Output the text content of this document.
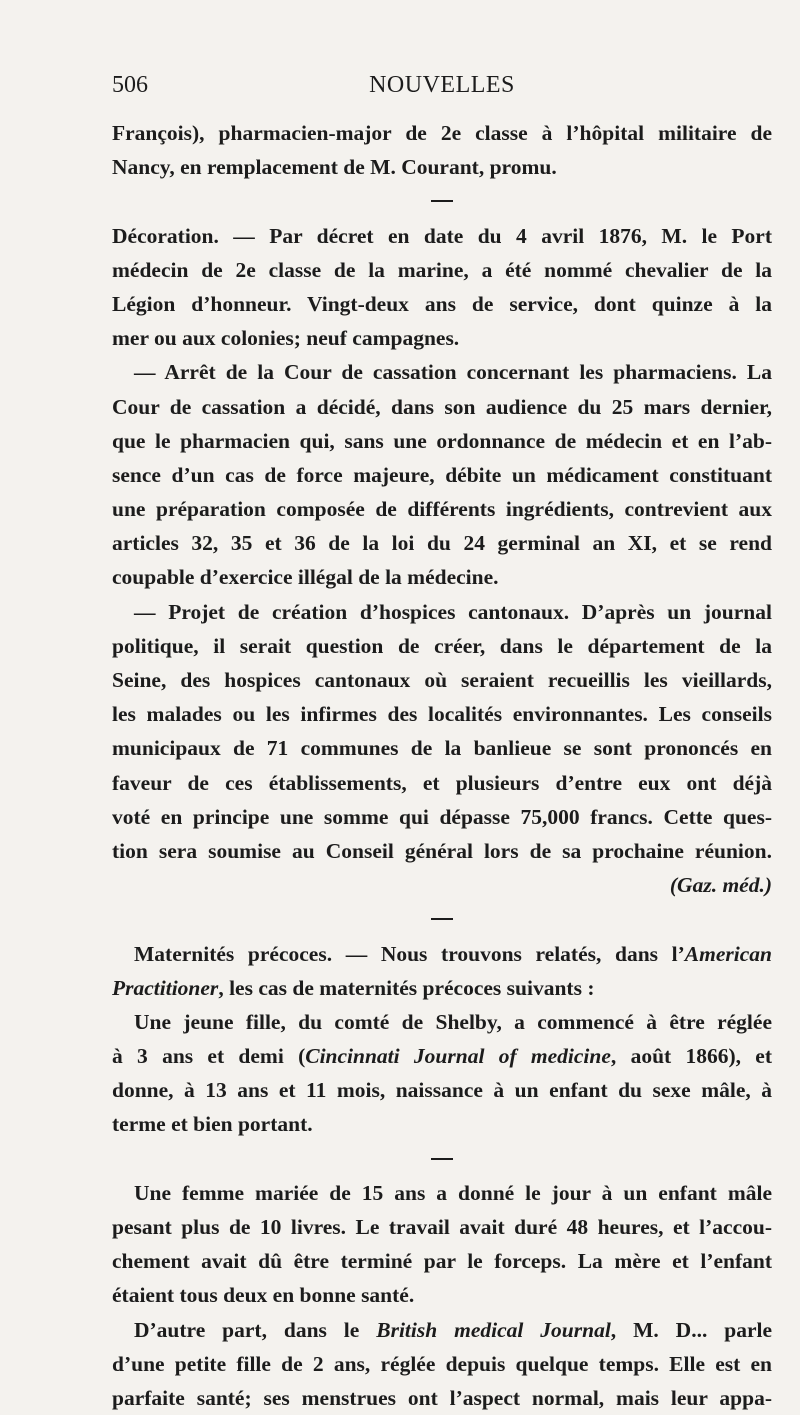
506	NOUVELLES
François), pharmacien-major de 2e classe à l’hôpital militaire de
Nancy, en remplacement de M. Courant, promu.
Décoration. — Par décret en date du 4 avril 1876, M. le Port
médecin de 2e classe de la marine, a été nommé chevalier de la
Légion d’honneur. Vingt-deux ans de service, dont quinze à la
mer ou aux colonies; neuf campagnes.
— Arrêt de la Cour de cassation concernant les pharmaciens. La
Cour de cassation a décidé, dans son audience du 25 mars dernier,
que le pharmacien qui, sans une ordonnance de médecin et en l’ab-
sence d’un cas de force majeure, débite un médicament constituant
une préparation composée de différents ingrédients, contrevient aux
articles 32, 35 et 36 de la loi du 24 germinal an XI, et se rend
coupable d’exercice illégal de la médecine.
— Projet de création d’hospices cantonaux. D’après un journal
politique, il serait question de créer, dans le département de la
Seine, des hospices cantonaux où seraient recueillis les vieillards,
les malades ou les infirmes des localités environnantes. Les conseils
municipaux de 71 communes de la banlieue se sont prononcés en
faveur de ces établissements, et plusieurs d’entre eux ont déjà
voté en principe une somme qui dépasse 75,000 francs. Cette ques-
tion sera soumise au Conseil général lors de sa prochaine réunion.
(Gaz. méd.)
Maternités précoces. — Nous trouvons relatés, dans l’American
Practitioner, les cas de maternités précoces suivants :
Une jeune fille, du comté de Shelby, a commencé à être réglée
à 3 ans et demi (Cincinnati Journal of medicine, août 1866), et
donne, à 13 ans et 11 mois, naissance à un enfant du sexe mâle, à
terme et bien portant.
Une femme mariée de 15 ans a donné le jour à un enfant mâle
pesant plus de 10 livres. Le travail avait duré 48 heures, et l’accou-
chement avait dû être terminé par le forceps. La mère et l’enfant
étaient tous deux en bonne santé.
D’autre part, dans le British medical Journal, M. D... parle
d’une petite fille de 2 ans, réglée depuis quelque temps. Elle est en
parfaite santé; ses menstrues ont l’aspect normal, mais leur appa-
